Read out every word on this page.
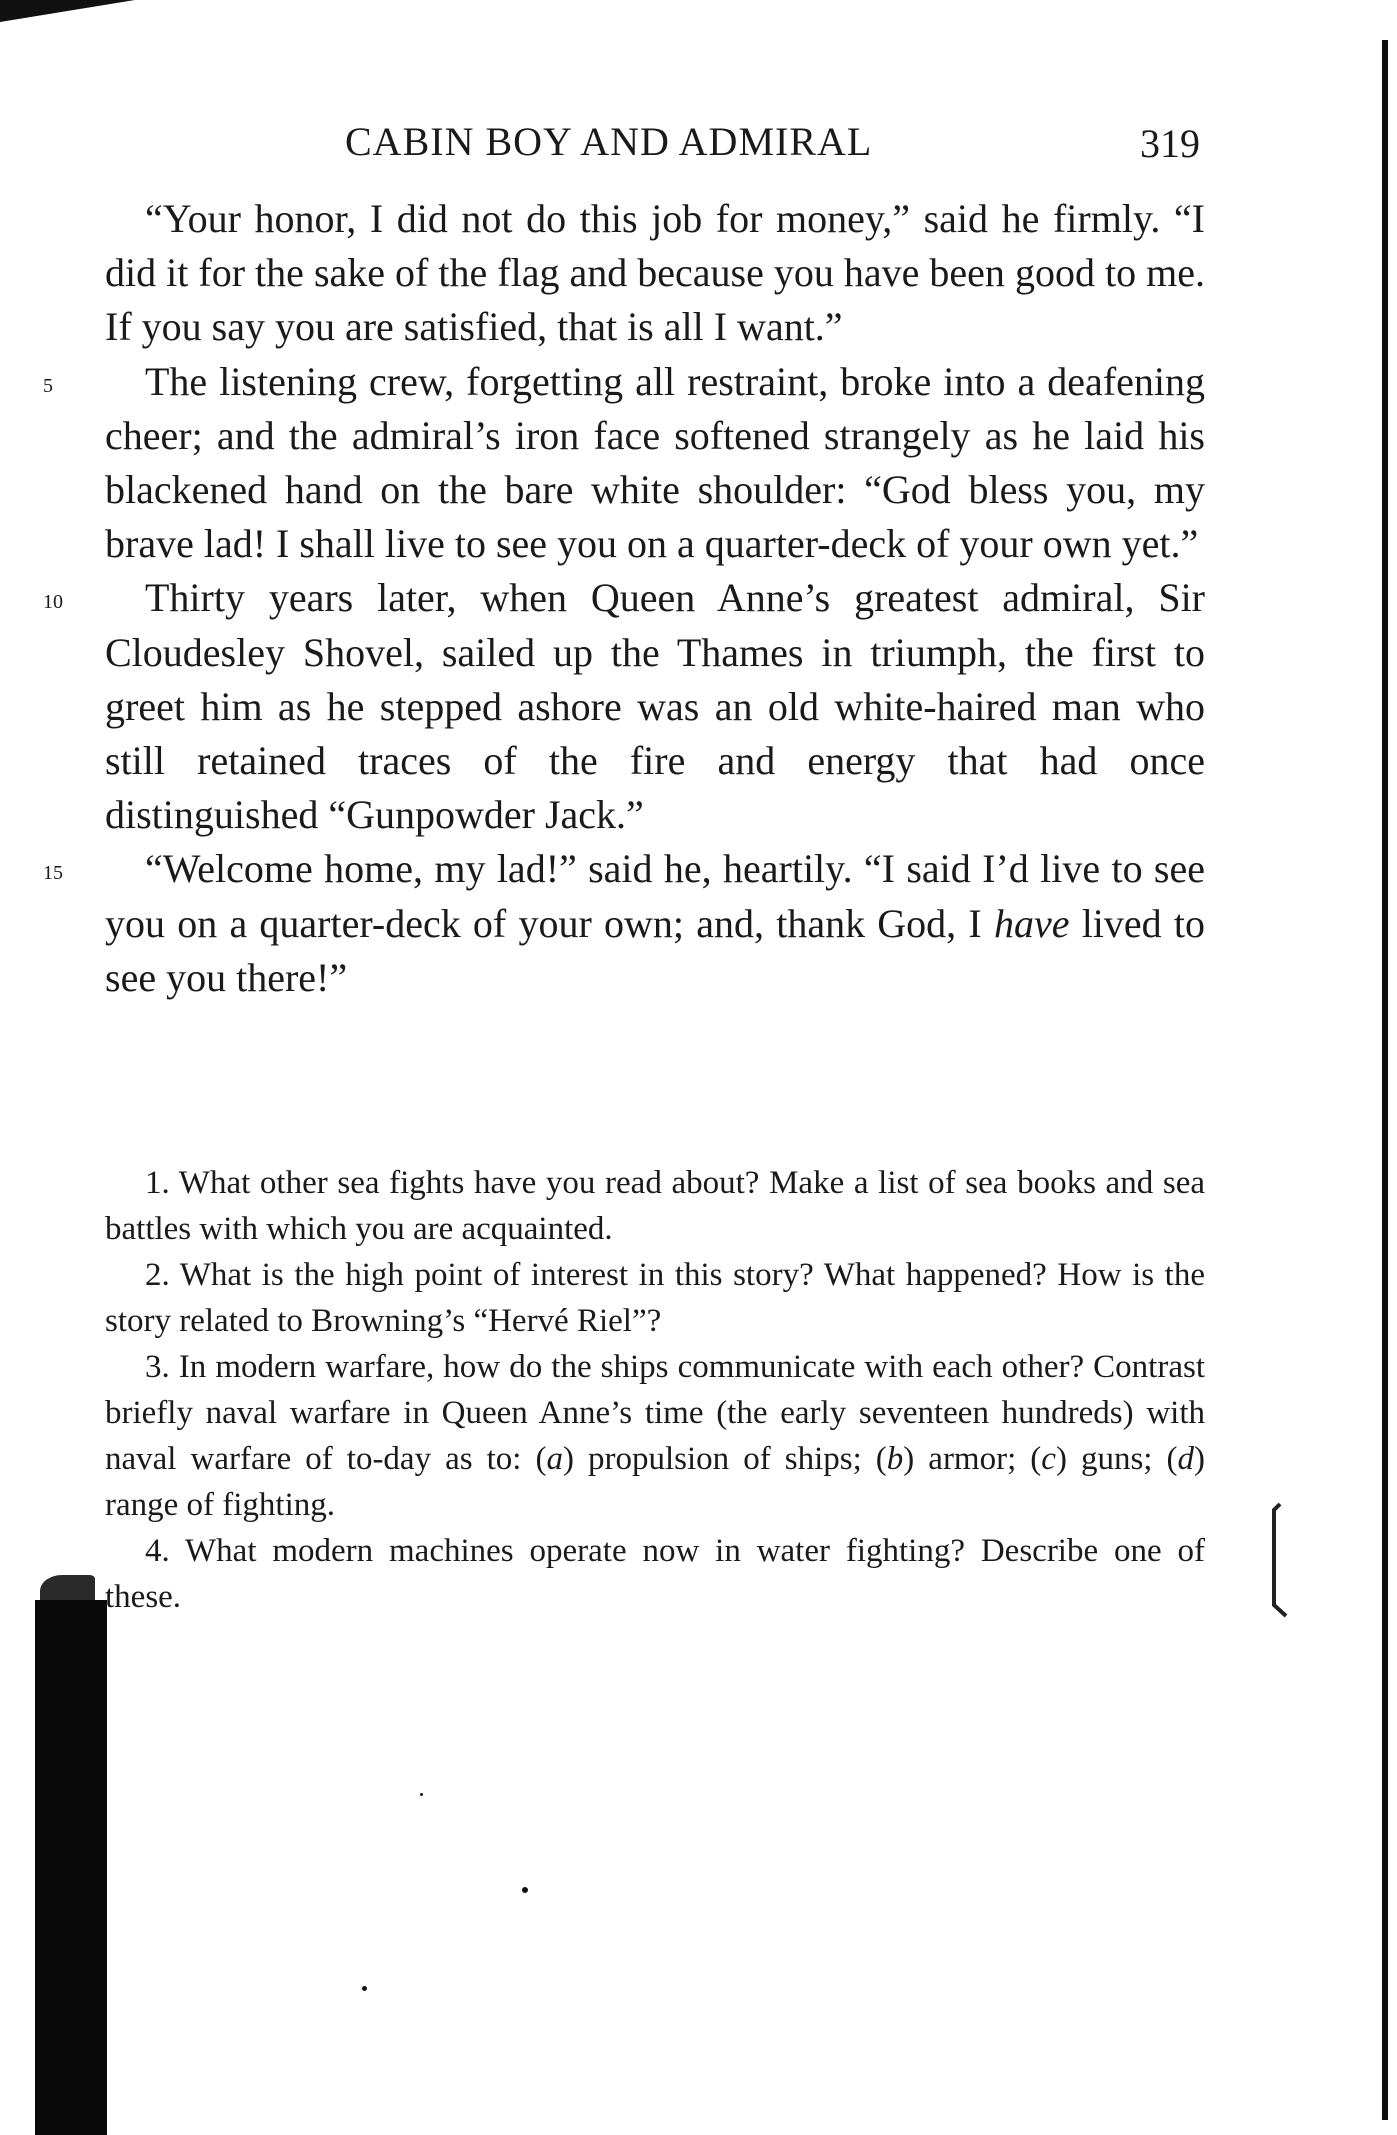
CABIN BOY AND ADMIRAL	319

“Your honor, I did not do this job for money,” said he firmly. “I did it for the sake of the flag and because you have been good to me. If you say you are satisfied, that is all I want.”

5	The listening crew, forgetting all restraint, broke into a deafening cheer; and the admiral’s iron face softened strangely as he laid his blackened hand on the bare white shoulder: “God bless you, my brave lad! I shall live to see you on a quarter-deck of your own yet.”

10	Thirty years later, when Queen Anne’s greatest admiral, Sir Cloudesley Shovel, sailed up the Thames in triumph, the first to greet him as he stepped ashore was an old white-haired man who still retained traces of the fire and energy that had once distinguished “Gunpowder Jack.”

15	“Welcome home, my lad!” said he, heartily. “I said I’d live to see you on a quarter-deck of your own; and, thank God, I have lived to see you there!”

1. What other sea fights have you read about? Make a list of sea books and sea battles with which you are acquainted.

2. What is the high point of interest in this story? What happened? How is the story related to Browning’s “Hervé Riel”?

3. In modern warfare, how do the ships communicate with each other? Contrast briefly naval warfare in Queen Anne’s time (the early seventeen hundreds) with naval warfare of to-day as to: (a) propulsion of ships; (b) armor; (c) guns; (d) range of fighting.

4. What modern machines operate now in water fighting? Describe one of these.
